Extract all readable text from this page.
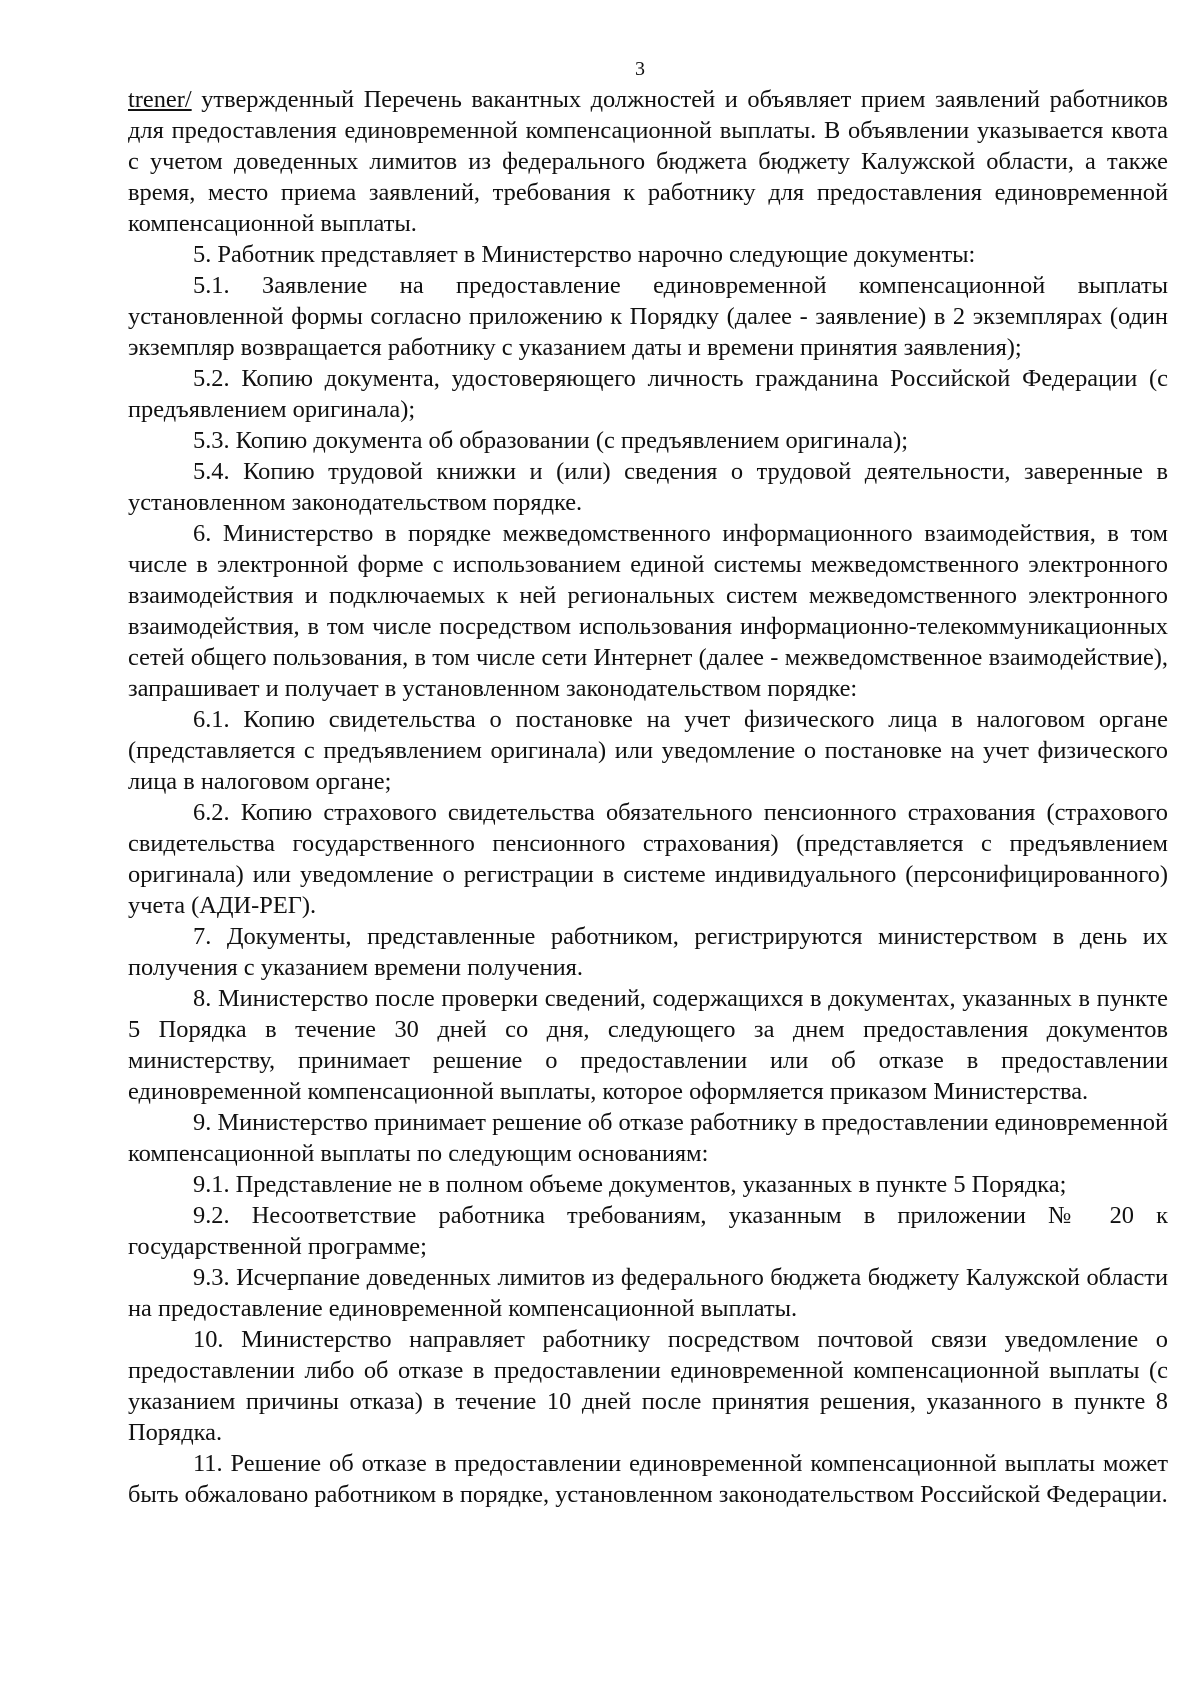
3

trener/ утвержденный Перечень вакантных должностей и объявляет прием заявлений работников для предоставления единовременной компенсационной выплаты. В объявлении указывается квота с учетом доведенных лимитов из федерального бюджета бюджету Калужской области, а также время, место приема заявлений, требования к работнику для предоставления единовременной компенсационной выплаты.

5. Работник представляет в Министерство нарочно следующие документы:

5.1. Заявление на предоставление единовременной компенсационной выплаты установленной формы согласно приложению к Порядку (далее - заявление) в 2 экземплярах (один экземпляр возвращается работнику с указанием даты и времени принятия заявления);

5.2. Копию документа, удостоверяющего личность гражданина Российской Федерации (с предъявлением оригинала);

5.3. Копию документа об образовании (с предъявлением оригинала);

5.4. Копию трудовой книжки и (или) сведения о трудовой деятельности, заверенные в установленном законодательством порядке.

6. Министерство в порядке межведомственного информационного взаимодействия, в том числе в электронной форме с использованием единой системы межведомственного электронного взаимодействия и подключаемых к ней региональных систем межведомственного электронного взаимодействия, в том числе посредством использования информационно-телекоммуникационных сетей общего пользования, в том числе сети Интернет (далее - межведомственное взаимодействие), запрашивает и получает в установленном законодательством порядке:

6.1. Копию свидетельства о постановке на учет физического лица в налоговом органе (представляется с предъявлением оригинала) или уведомление о постановке на учет физического лица в налоговом органе;

6.2. Копию страхового свидетельства обязательного пенсионного страхования (страхового свидетельства государственного пенсионного страхования) (представляется с предъявлением оригинала) или уведомление о регистрации в системе индивидуального (персонифицированного) учета (АДИ-РЕГ).

7. Документы, представленные работником, регистрируются министерством в день их получения с указанием времени получения.

8. Министерство после проверки сведений, содержащихся в документах, указанных в пункте 5 Порядка в течение 30 дней со дня, следующего за днем предоставления документов министерству, принимает решение о предоставлении или об отказе в предоставлении единовременной компенсационной выплаты, которое оформляется приказом Министерства.

9. Министерство принимает решение об отказе работнику в предоставлении единовременной компенсационной выплаты по следующим основаниям:

9.1. Представление не в полном объеме документов, указанных в пункте 5 Порядка;

9.2. Несоответствие работника требованиям, указанным в приложении № 20 к государственной программе;

9.3. Исчерпание доведенных лимитов из федерального бюджета бюджету Калужской области на предоставление единовременной компенсационной выплаты.

10. Министерство направляет работнику посредством почтовой связи уведомление о предоставлении либо об отказе в предоставлении единовременной компенсационной выплаты (с указанием причины отказа) в течение 10 дней после принятия решения, указанного в пункте 8 Порядка.

11. Решение об отказе в предоставлении единовременной компенсационной выплаты может быть обжаловано работником в порядке, установленном законодательством Российской Федерации.
